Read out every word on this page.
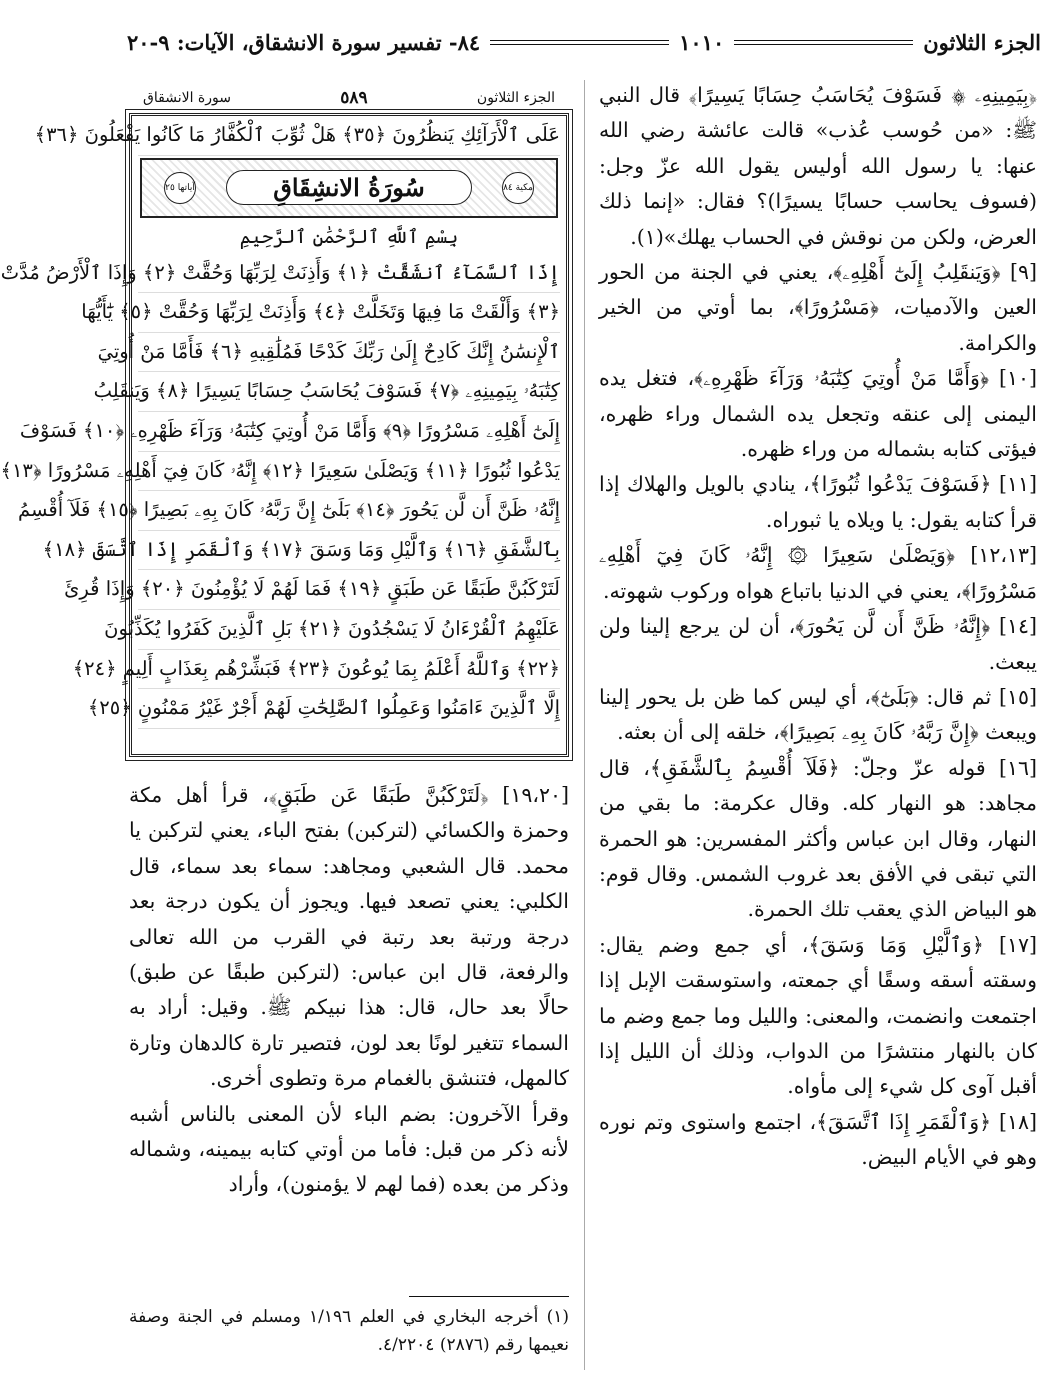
الجزء الثلاثون
١٠١٠
٨٤- تفسير سورة الانشقاق، الآيات: ٩-٢٠

﴿بِيَمِينِهِۦ ۞ فَسَوْفَ يُحَاسَبُ حِسَابًا يَسِيرًا﴾ قال النبي ﷺ: «من حُوسب عُذب» قالت عائشة رضي الله عنها: يا رسول الله أوليس يقول الله عزّ وجل: (فسوف يحاسب حسابًا يسيرًا)؟ فقال: «إنما ذلك العرض، ولكن من نوقش في الحساب يهلك»(١).

[٩] ﴿وَيَنقَلِبُ إِلَىٰٓ أَهْلِهِۦ﴾، يعني في الجنة من الحور العين والآدميات، ﴿مَسْرُورًا﴾، بما أوتي من الخير والكرامة.

[١٠] ﴿وَأَمَّا مَنْ أُوتِيَ كِتَٰبَهُۥ وَرَآءَ ظَهْرِهِۦ﴾، فتغل يده اليمنى إلى عنقه وتجعل يده الشمال وراء ظهره، فيؤتى كتابه بشماله من وراء ظهره.

[١١] ﴿فَسَوْفَ يَدْعُوا ثُبُورًا﴾، ينادي بالويل والهلاك إذا قرأ كتابه يقول: يا ويلاه يا ثبوراه.

[١٢،١٣] ﴿وَيَصْلَىٰ سَعِيرًا ۞ إِنَّهُۥ كَانَ فِيٓ أَهْلِهِۦ مَسْرُورًا﴾، يعني في الدنيا باتباع هواه وركوب شهوته.

[١٤] ﴿إِنَّهُۥ ظَنَّ أَن لَّن يَحُورَ﴾، أن لن يرجع إلينا ولن يبعث.

[١٥] ثم قال: ﴿بَلَىٰٓ﴾، أي ليس كما ظن بل يحور إلينا ويبعث ﴿إِنَّ رَبَّهُۥ كَانَ بِهِۦ بَصِيرًا﴾، خلقه إلى أن بعثه.

[١٦] قوله عزّ وجلّ: ﴿فَلَآ أُقْسِمُ بِٱلشَّفَقِ﴾، قال مجاهد: هو النهار كله. وقال عكرمة: ما بقي من النهار، وقال ابن عباس وأكثر المفسرين: هو الحمرة التي تبقى في الأفق بعد غروب الشمس. وقال قوم: هو البياض الذي يعقب تلك الحمرة.

[١٧] ﴿وَٱلَّيْلِ وَمَا وَسَقَ﴾، أي جمع وضم يقال: وسقته أسقه وسقًا أي جمعته، واستوسقت الإبل إذا اجتمعت وانضمت، والمعنى: والليل وما جمع وضم ما كان بالنهار منتشرًا من الدواب، وذلك أن الليل إذا أقبل آوى كل شيء إلى مأواه.

[١٨] ﴿وَٱلْقَمَرِ إِذَا ٱتَّسَقَ﴾، اجتمع واستوى وتم نوره وهو في الأيام البيض.

الجزء الثلاثون
٥٨٩
سورة الانشقاق
عَلَى ٱلْأَرَآئِكِ يَنظُرُونَ ﴿٣٥﴾ هَلْ ثُوِّبَ ٱلْكُفَّارُ مَا كَانُوا يَفْعَلُونَ ﴿٣٦﴾
مكية ٨٤
سُورَةُ الانشِقَاقِ
آياتها ٢٥
بِسْمِ ٱللَّهِ ٱلرَّحْمَٰنِ ٱلرَّحِيمِ
إِذَا ٱلسَّمَآءُ ٱنشَقَّتْ ﴿١﴾ وَأَذِنَتْ لِرَبِّهَا وَحُقَّتْ ﴿٢﴾ وَإِذَا ٱلْأَرْضُ مُدَّتْ
﴿٣﴾ وَأَلْقَتْ مَا فِيهَا وَتَخَلَّتْ ﴿٤﴾ وَأَذِنَتْ لِرَبِّهَا وَحُقَّتْ ﴿٥﴾ يَٰٓأَيُّهَا
ٱلْإِنسَٰنُ إِنَّكَ كَادِحٌ إِلَىٰ رَبِّكَ كَدْحًا فَمُلَٰقِيهِ ﴿٦﴾ فَأَمَّا مَنْ أُوتِيَ
كِتَٰبَهُۥ بِيَمِينِهِۦ ﴿٧﴾ فَسَوْفَ يُحَاسَبُ حِسَابًا يَسِيرًا ﴿٨﴾ وَيَنقَلِبُ
إِلَىٰٓ أَهْلِهِۦ مَسْرُورًا ﴿٩﴾ وَأَمَّا مَنْ أُوتِيَ كِتَٰبَهُۥ وَرَآءَ ظَهْرِهِۦ ﴿١٠﴾ فَسَوْفَ
يَدْعُوا ثُبُورًا ﴿١١﴾ وَيَصْلَىٰ سَعِيرًا ﴿١٢﴾ إِنَّهُۥ كَانَ فِيٓ أَهْلِهِۦ مَسْرُورًا ﴿١٣﴾
إِنَّهُۥ ظَنَّ أَن لَّن يَحُورَ ﴿١٤﴾ بَلَىٰٓ إِنَّ رَبَّهُۥ كَانَ بِهِۦ بَصِيرًا ﴿١٥﴾ فَلَآ أُقْسِمُ
بِٱلشَّفَقِ ﴿١٦﴾ وَٱلَّيْلِ وَمَا وَسَقَ ﴿١٧﴾ وَٱلْقَمَرِ إِذَا ٱتَّسَقَ ﴿١٨﴾
لَتَرْكَبُنَّ طَبَقًا عَن طَبَقٍ ﴿١٩﴾ فَمَا لَهُمْ لَا يُؤْمِنُونَ ﴿٢٠﴾ وَإِذَا قُرِئَ
عَلَيْهِمُ ٱلْقُرْءَانُ لَا يَسْجُدُونَ ﴿٢١﴾ بَلِ ٱلَّذِينَ كَفَرُوا يُكَذِّبُونَ
﴿٢٢﴾ وَٱللَّهُ أَعْلَمُ بِمَا يُوعُونَ ﴿٢٣﴾ فَبَشِّرْهُم بِعَذَابٍ أَلِيمٍ ﴿٢٤﴾
إِلَّا ٱلَّذِينَ ءَامَنُوا وَعَمِلُوا ٱلصَّٰلِحَٰتِ لَهُمْ أَجْرٌ غَيْرُ مَمْنُونٍ ﴿٢٥﴾

[١٩،٢٠] ﴿لَتَرْكَبُنَّ طَبَقًا عَن طَبَقٍ﴾، قرأ أهل مكة وحمزة والكسائي (لتركبن) بفتح الباء، يعني لتركبن يا محمد. قال الشعبي ومجاهد: سماء بعد سماء، قال الكلبي: يعني تصعد فيها. ويجوز أن يكون درجة بعد درجة ورتبة بعد رتبة في القرب من الله تعالى والرفعة، قال ابن عباس: (لتركبن طبقًا عن طبق) حالًا بعد حال، قال: هذا نبيكم ﷺ. وقيل: أراد به السماء تتغير لونًا بعد لون، فتصير تارة كالدهان وتارة كالمهل، فتنشق بالغمام مرة وتطوى أخرى.

وقرأ الآخرون: بضم الباء لأن المعنى بالناس أشبه لأنه ذكر من قبل: فأما من أوتي كتابه بيمينه، وشماله وذكر من بعده (فما لهم لا يؤمنون)، وأراد

(١) أخرجه البخاري في العلم ١/١٩٦ ومسلم في الجنة وصفة نعيمها رقم (٢٨٧٦) ٤/٢٢٠٤.
